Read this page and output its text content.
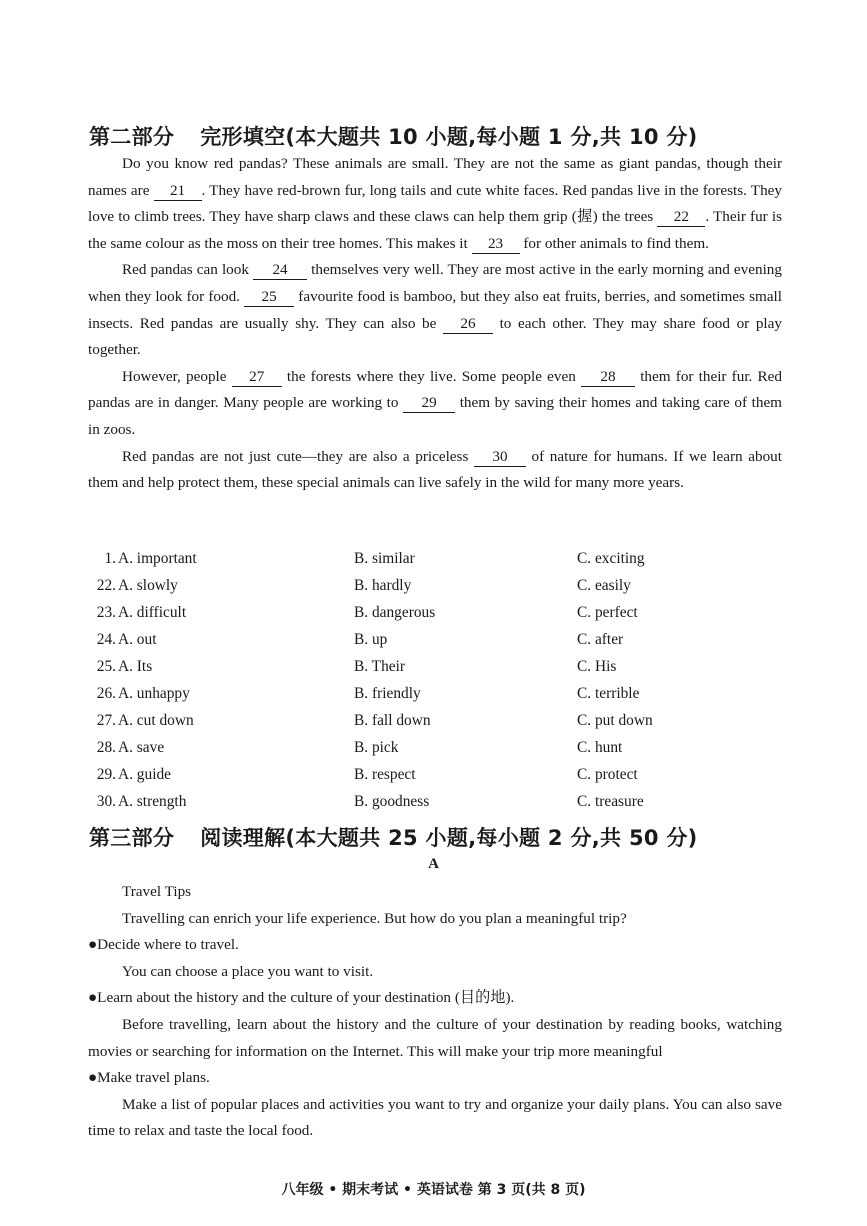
第二部分 完形填空(本大题共 10 小题,每小题 1 分,共 10 分)

Do you know red pandas? These animals are small. They are not the same as giant pandas, though their names are 21 . They have red-brown fur, long tails and cute white faces. Red pandas live in the forests. They love to climb trees. They have sharp claws and these claws can help them grip (握) the trees 22 . Their fur is the same colour as the moss on their tree homes. This makes it 23 for other animals to find them.

Red pandas can look 24 themselves very well. They are most active in the early morning and evening when they look for food. 25 favourite food is bamboo, but they also eat fruits, berries, and sometimes small insects. Red pandas are usually shy. They can also be 26 to each other. They may share food or play together.

However, people 27 the forests where they live. Some people even 28 them for their fur. Red pandas are in danger. Many people are working to 29 them by saving their homes and taking care of them in zoos.

Red pandas are not just cute—they are also a priceless 30 of nature for humans. If we learn about them and help protect them, these special animals can live safely in the wild for many more years.

1. A. important	B. similar	C. exciting
22. A. slowly	B. hardly	C. easily
23. A. difficult	B. dangerous	C. perfect
24. A. out	B. up	C. after
25. A. Its	B. Their	C. His
26. A. unhappy	B. friendly	C. terrible
27. A. cut down	B. fall down	C. put down
28. A. save	B. pick	C. hunt
29. A. guide	B. respect	C. protect
30. A. strength	B. goodness	C. treasure
第三部分 阅读理解(本大题共 25 小题,每小题 2 分,共 50 分)
A

Travel Tips

Travelling can enrich your life experience. But how do you plan a meaningful trip?

●Decide where to travel.

You can choose a place you want to visit.

●Learn about the history and the culture of your destination (目的地).

Before travelling, learn about the history and the culture of your destination by reading books, watching movies or searching for information on the Internet. This will make your trip more meaningful

●Make travel plans.

Make a list of popular places and activities you want to try and organize your daily plans. You can also save time to relax and taste the local food.

八年级 • 期末考试 • 英语试卷 第 3 页(共 8 页)
